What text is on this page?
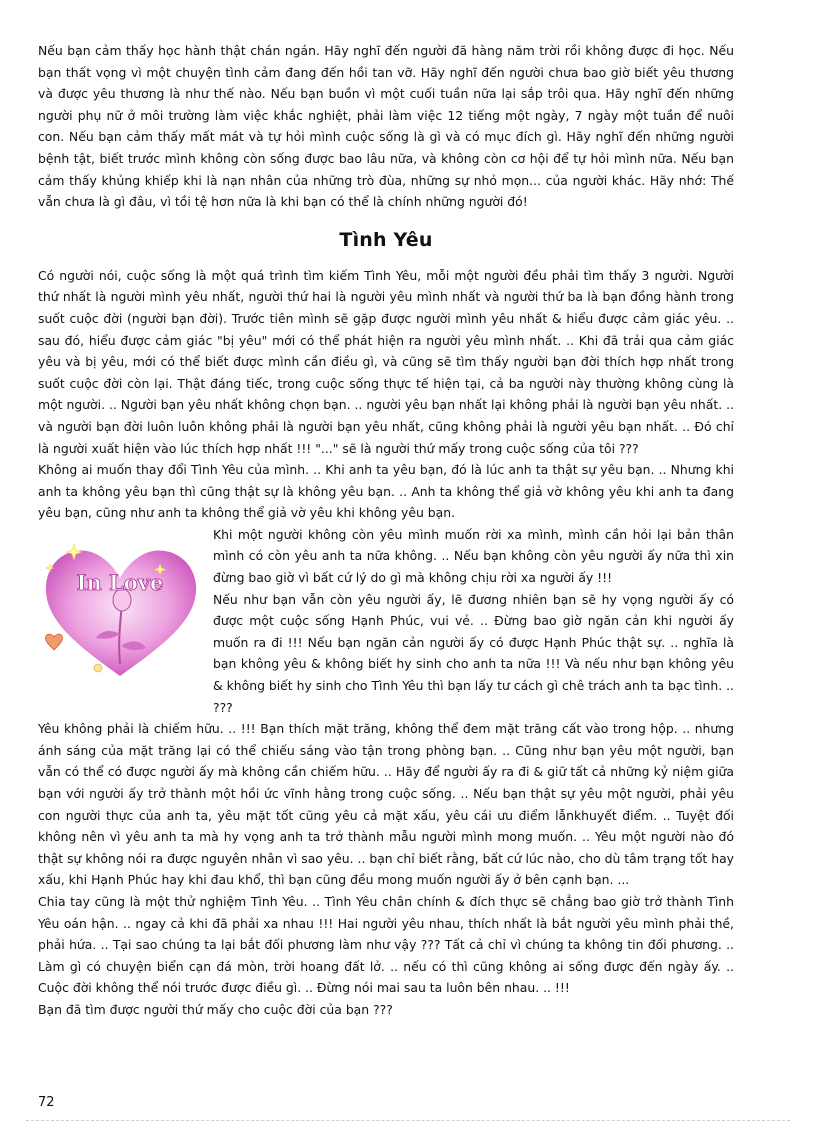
Nếu bạn cảm thấy học hành thật chán ngán. Hãy nghĩ đến người đã hàng năm trời rồi không được đi học. Nếu bạn thất vọng vì một chuyện tình cảm đang đến hồi tan vỡ. Hãy nghĩ đến người chưa bao giờ biết yêu thương và được yêu thương là như thế nào. Nếu bạn buồn vì một cuối tuần nữa lại sắp trôi qua. Hãy nghĩ đến những người phụ nữ ở môi trường làm việc khắc nghiệt, phải làm việc 12 tiếng một ngày, 7 ngày một tuần để nuôi con. Nếu bạn cảm thấy mất mát và tự hỏi mình cuộc sống là gì và có mục đích gì. Hãy nghĩ đến những người bệnh tật, biết trước mình không còn sống được bao lâu nữa, và không còn cơ hội để tự hỏi mình nữa. Nếu bạn cảm thấy khủng khiếp khi là nạn nhân của những trò đùa, những sự nhỏ mọn... của người khác. Hãy nhớ: Thế vẫn chưa là gì đâu, vì tồi tệ hơn nữa là khi bạn có thể là chính những người đó!

Tình Yêu

Có người nói, cuộc sống là một quá trình tìm kiếm Tình Yêu, mỗi một người đều phải tìm thấy 3 người. Người thứ nhất là người mình yêu nhất, người thứ hai là người yêu mình nhất và người thứ ba là bạn đồng hành trong suốt cuộc đời (người bạn đời). Trước tiên mình sẽ gặp được người mình yêu nhất & hiểu được cảm giác yêu. .. sau đó, hiểu được cảm giác "bị yêu" mới có thể phát hiện ra người yêu mình nhất. .. Khi đã trải qua cảm giác yêu và bị yêu, mới có thể biết được mình cần điều gì, và cũng sẽ tìm thấy người bạn đời thích hợp nhất trong suốt cuộc đời còn lại. Thật đáng tiếc, trong cuộc sống thực tế hiện tại, cả ba người này thường không cùng là một người. .. Người bạn yêu nhất không chọn bạn. .. người yêu bạn nhất lại không phải là người bạn yêu nhất. .. và người bạn đời luôn luôn không phải là người bạn yêu nhất, cũng không phải là người yêu bạn nhất. .. Đó chỉ là người xuất hiện vào lúc thích hợp nhất !!! "..." sẽ là người thứ mấy trong cuộc sống của tôi ???

Không ai muốn thay đổi Tình Yêu của mình. .. Khi anh ta yêu bạn, đó là lúc anh ta thật sự yêu bạn. .. Nhưng khi anh ta không yêu bạn thì cũng thật sự là không yêu bạn. .. Anh ta không thể giả vờ không yêu khi anh ta đang yêu bạn, cũng như anh ta không thể giả vờ yêu khi không yêu bạn.

In Love

Khi một người không còn yêu mình muốn rời xa mình, mình cần hỏi lại bản thân mình có còn yêu anh ta nữa không. .. Nếu bạn không còn yêu người ấy nữa thì xin đừng bao giờ vì bất cứ lý do gì mà không chịu rời xa người ấy !!!

Nếu như bạn vẫn còn yêu người ấy, lẽ đương nhiên bạn sẽ hy vọng người ấy có được một cuộc sống Hạnh Phúc, vui vẻ. .. Đừng bao giờ ngăn cản khi người ấy muốn ra đi !!! Nếu bạn ngăn cản người ấy có được Hạnh Phúc thật sự. .. nghĩa là bạn không yêu & không biết hy sinh cho anh ta nữa !!! Và nếu như bạn không yêu & không biết hy sinh cho Tình Yêu thì bạn lấy tư cách gì chê trách anh ta bạc tình. .. ???

Yêu không phải là chiếm hữu. .. !!! Bạn thích mặt trăng, không thể đem mặt trăng cất vào trong hộp. .. nhưng ánh sáng của mặt trăng lại có thể chiếu sáng vào tận trong phòng bạn. .. Cũng như bạn yêu một người, bạn vẫn có thể có được người ấy mà không cần chiếm hữu. .. Hãy để người ấy ra đi & giữ tất cả những kỷ niệm giữa bạn với người ấy trở thành một hồi ức vĩnh hằng trong cuộc sống. .. Nếu bạn thật sự yêu một người, phải yêu con người thực của anh ta, yêu mặt tốt cũng yêu cả mặt xấu, yêu cái ưu điểm lẫnkhuyết điểm. .. Tuyệt đối không nên vì yêu anh ta mà hy vọng anh ta trở thành mẫu người mình mong muốn. .. Yêu một người nào đó thật sự không nói ra được nguyên nhân vì sao yêu. .. bạn chỉ biết rằng, bất cứ lúc nào, cho dù tâm trạng tốt hay xấu, khi Hạnh Phúc hay khi đau khổ, thì bạn cũng đều mong muốn người ấy ở bên cạnh bạn. ...

Chia tay cũng là một thử nghiệm Tình Yêu. .. Tình Yêu chân chính & đích thực sẽ chẳng bao giờ trở thành Tình Yêu oán hận. .. ngay cả khi đã phải xa nhau !!! Hai người yêu nhau, thích nhất là bắt người yêu mình phải thề, phải hứa. .. Tại sao chúng ta lại bắt đối phương làm như vậy ??? Tất cả chỉ vì chúng ta không tin đối phương. .. Làm gì có chuyện biển cạn đá mòn, trời hoang đất lở. .. nếu có thì cũng không ai sống được đến ngày ấy. .. Cuộc đời không thể nói trước được điều gì. .. Đừng nói mai sau ta luôn bên nhau. .. !!!

Bạn đã tìm được người thứ mấy cho cuộc đời của bạn ???

72
